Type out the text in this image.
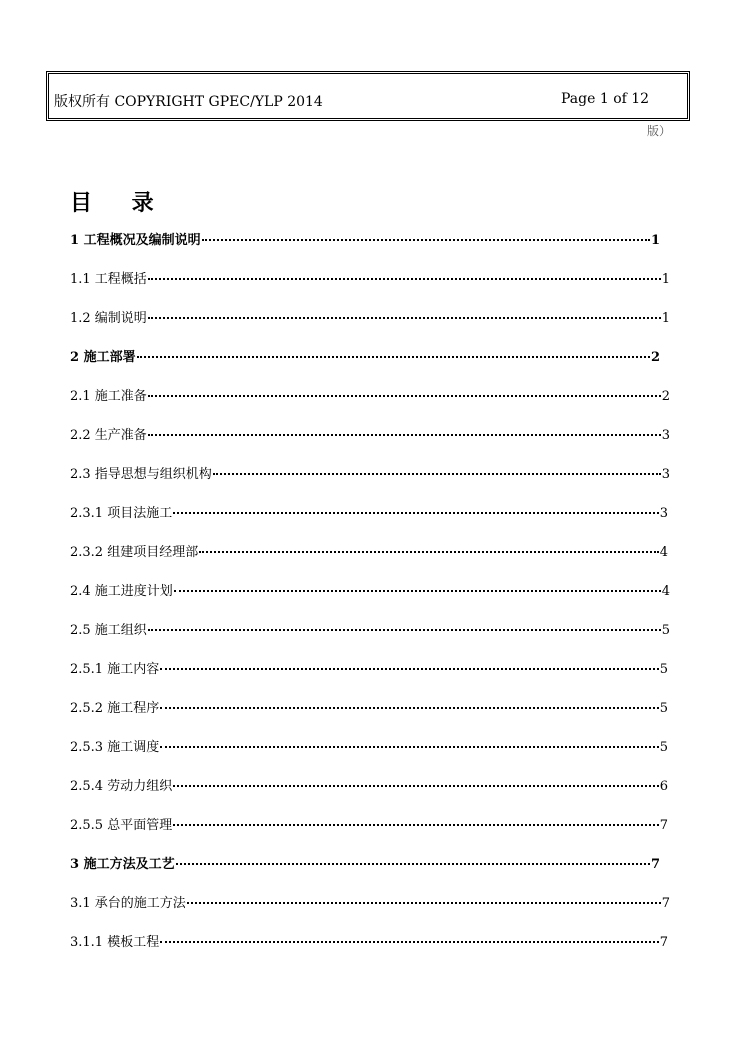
版权所有 COPYRIGHT GPEC/YLP 2014	Page 1 of 12
版）
目 录
1 工程概况及编制说明	1
1.1 工程概括	1
1.2 编制说明	1
2 施工部署	2
2.1 施工准备	2
2.2 生产准备	3
2.3 指导思想与组织机构	3
2.3.1 项目法施工	3
2.3.2 组建项目经理部	4
2.4 施工进度计划	4
2.5 施工组织	5
2.5.1 施工内容	5
2.5.2 施工程序	5
2.5.3 施工调度	5
2.5.4 劳动力组织	6
2.5.5 总平面管理	7
3 施工方法及工艺	7
3.1 承台的施工方法	7
3.1.1 模板工程	7
